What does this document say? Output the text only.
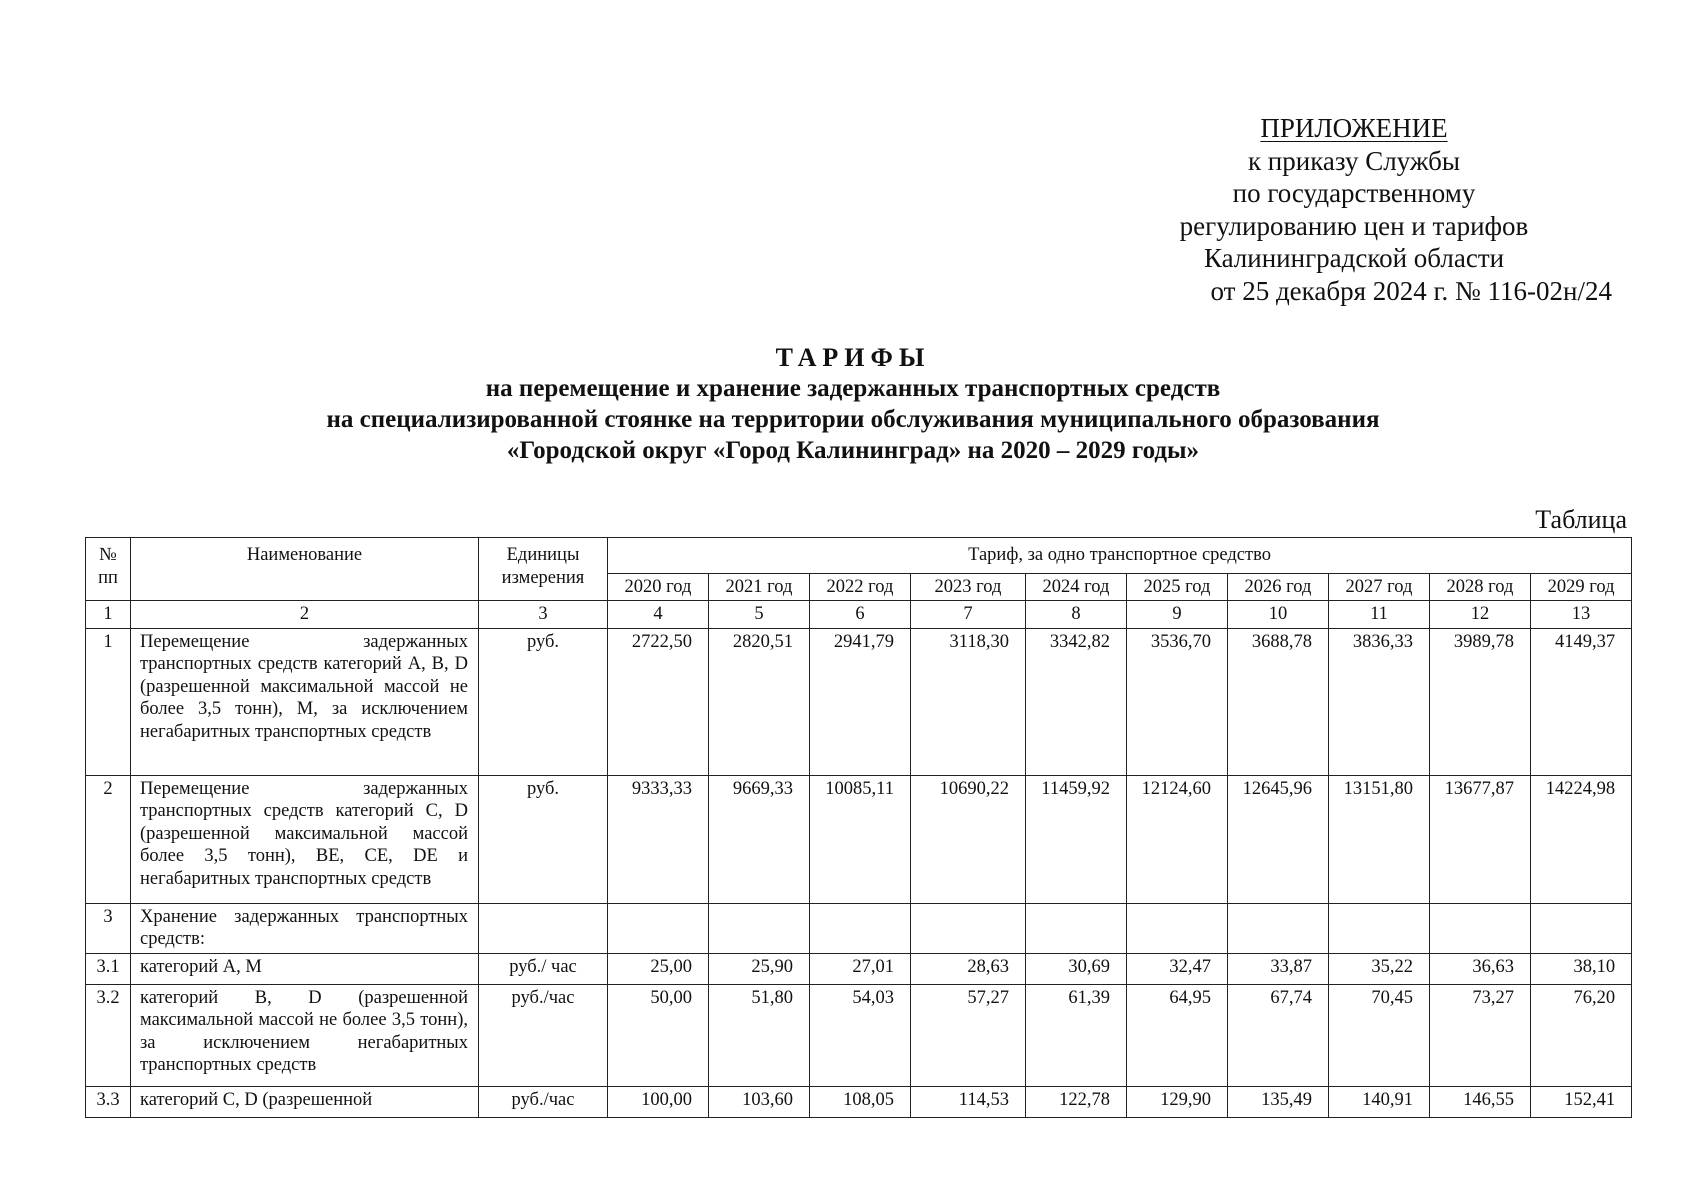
ПРИЛОЖЕНИЕ
к приказу Службы
по государственному
регулированию цен и тарифов
Калининградской области
от 25 декабря 2024 г. № 116-02н/24
ТАРИФЫ
на перемещение и хранение задержанных транспортных средств
на специализированной стоянке на территории обслуживания муниципального образования
«Городской округ «Город Калининград» на 2020 – 2029 годы»
Таблица
№ пп	Наименование	Единицы измерения	Тариф, за одно транспортное средство									
			2020 год	2021 год	2022 год	2023 год	2024 год	2025 год	2026 год	2027 год	2028 год	2029 год
1	2	3	4	5	6	7	8	9	10	11	12	13
1	Перемещение задержанных транспортных средств категорий А, В, D (разрешенной максимальной массой не более 3,5 тонн), М, за исключением негабаритных транспортных средств	руб.	2722,50	2820,51	2941,79	3118,30	3342,82	3536,70	3688,78	3836,33	3989,78	4149,37
2	Перемещение задержанных транспортных средств категорий С, D (разрешенной максимальной массой более 3,5 тонн), ВЕ, СЕ, DE и негабаритных транспортных средств	руб.	9333,33	9669,33	10085,11	10690,22	11459,92	12124,60	12645,96	13151,80	13677,87	14224,98
3	Хранение задержанных транспортных средств:											
3.1	категорий А, М	руб./ час	25,00	25,90	27,01	28,63	30,69	32,47	33,87	35,22	36,63	38,10
3.2	категорий В, D (разрешенной максимальной массой не более 3,5 тонн), за исключением негабаритных транспортных средств	руб./час	50,00	51,80	54,03	57,27	61,39	64,95	67,74	70,45	73,27	76,20
3.3	категорий С, D (разрешенной	руб./час	100,00	103,60	108,05	114,53	122,78	129,90	135,49	140,91	146,55	152,41
